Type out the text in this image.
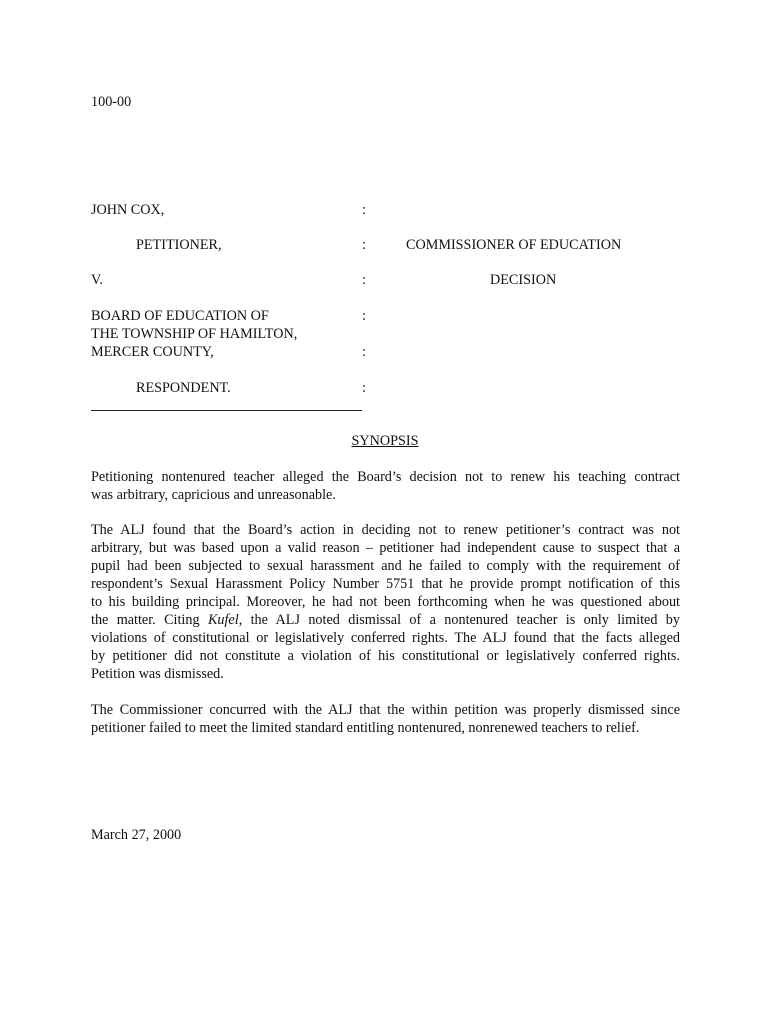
100-00
JOHN COX,	:
PETITIONER,	:	COMMISSIONER OF EDUCATION
V.	:	DECISION
BOARD OF EDUCATION OF	:
THE TOWNSHIP OF HAMILTON,
MERCER COUNTY,	:
RESPONDENT.	:
SYNOPSIS
Petitioning nontenured teacher alleged the Board’s decision not to renew his teaching contract
was arbitrary, capricious and unreasonable.
The ALJ found that the Board’s action in deciding not to renew petitioner’s contract was not
arbitrary, but was based upon a valid reason – petitioner had independent cause to suspect that a
pupil had been subjected to sexual harassment and he failed to comply with the requirement of
respondent’s Sexual Harassment Policy Number 5751 that he provide prompt notification of this
to his building principal. Moreover, he had not been forthcoming when he was questioned about
the matter. Citing Kufel, the ALJ noted dismissal of a nontenured teacher is only limited by
violations of constitutional or legislatively conferred rights. The ALJ found that the facts alleged
by petitioner did not constitute a violation of his constitutional or legislatively conferred rights.
Petition was dismissed.
The Commissioner concurred with the ALJ that the within petition was properly dismissed since
petitioner failed to meet the limited standard entitling nontenured, nonrenewed teachers to relief.
March 27, 2000
